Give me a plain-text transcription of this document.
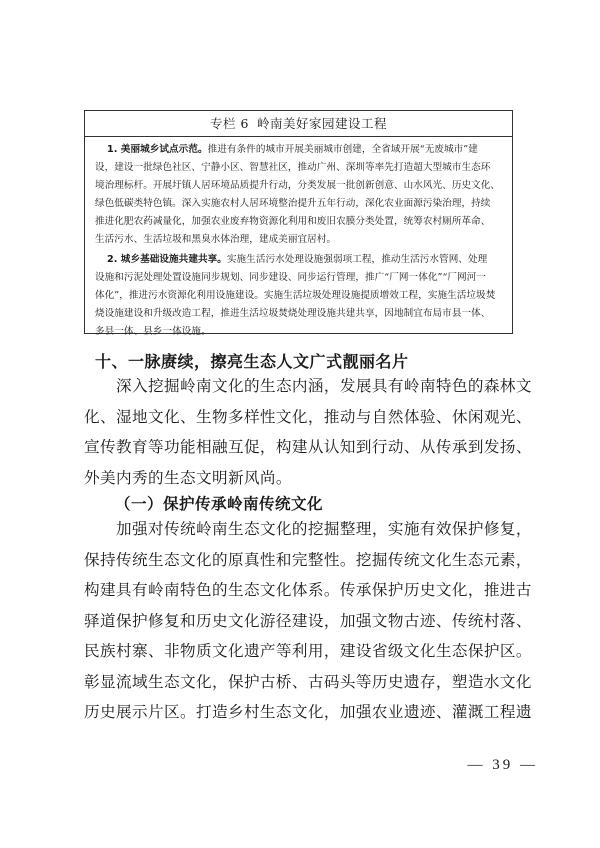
专栏 6 岭南美好家园建设工程

1. 美丽城乡试点示范。推进有条件的城市开展美丽城市创建，全省域开展“无废城市”建

设，建设一批绿色社区、宁静小区、智慧社区，推动广州、深圳等率先打造超大型城市生态环

境治理标杆。开展圩镇人居环境品质提升行动，分类发展一批创新创意、山水风光、历史文化、

绿色低碳类特色镇。深入实施农村人居环境整治提升五年行动，深化农业面源污染治理，持续

推进化肥农药减量化，加强农业废弃物资源化利用和废旧农膜分类处置，统筹农村厕所革命、

生活污水、生活垃圾和黑臭水体治理，建成美丽宜居村。

2. 城乡基础设施共建共享。实施生活污水处理设施强弱项工程，推动生活污水管网、处理

设施和污泥处理处置设施同步规划、同步建设、同步运行管理，推广“厂网一体化”“厂网河一

体化”，推进污水资源化利用设施建设。实施生活垃圾处理设施提质增效工程，实施生活垃圾焚

烧设施建设和升级改造工程，推进生活垃圾焚烧处理设施共建共享，因地制宜布局市县一体、

多县一体、县乡一体设施。

十、一脉赓续，擦亮生态人文广式靓丽名片

深入挖掘岭南文化的生态内涵，发展具有岭南特色的森林文

化、湿地文化、生物多样性文化，推动与自然体验、休闲观光、

宣传教育等功能相融互促，构建从认知到行动、从传承到发扬、

外美内秀的生态文明新风尚。

（一）保护传承岭南传统文化

加强对传统岭南生态文化的挖掘整理，实施有效保护修复，

保持传统生态文化的原真性和完整性。挖掘传统文化生态元素，

构建具有岭南特色的生态文化体系。传承保护历史文化，推进古

驿道保护修复和历史文化游径建设，加强文物古迹、传统村落、

民族村寨、非物质文化遗产等利用，建设省级文化生态保护区。

彰显流域生态文化，保护古桥、古码头等历史遗存，塑造水文化

历史展示片区。打造乡村生态文化，加强农业遗迹、灌溉工程遗

— 39 —
